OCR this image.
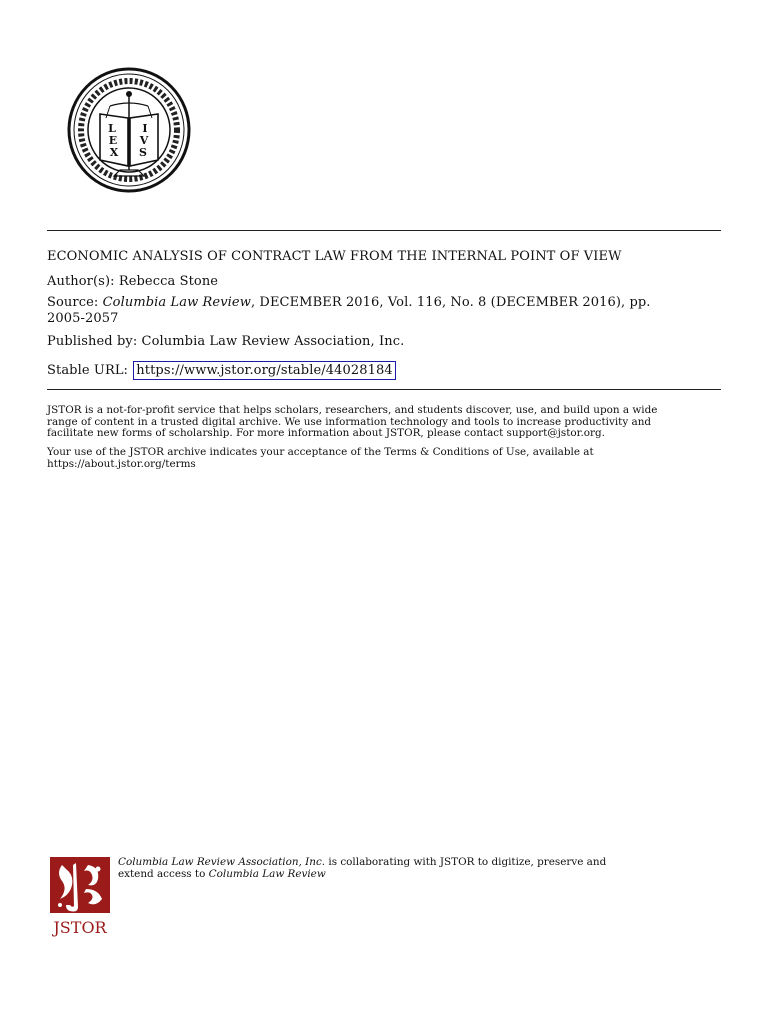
L
E
X
I
V
S
ECONOMIC ANALYSIS OF CONTRACT LAW FROM THE INTERNAL POINT OF VIEW
Author(s): Rebecca Stone
Source: Columbia Law Review, DECEMBER 2016, Vol. 116, No. 8 (DECEMBER 2016), pp.
2005-2057
Published by: Columbia Law Review Association, Inc.
Stable URL: https://www.jstor.org/stable/44028184
JSTOR is a not-for-profit service that helps scholars, researchers, and students discover, use, and build upon a wide
range of content in a trusted digital archive. We use information technology and tools to increase productivity and
facilitate new forms of scholarship. For more information about JSTOR, please contact support@jstor.org.
Your use of the JSTOR archive indicates your acceptance of the Terms & Conditions of Use, available at
https://about.jstor.org/terms
JSTOR
Columbia Law Review Association, Inc. is collaborating with JSTOR to digitize, preserve and
extend access to Columbia Law Review
